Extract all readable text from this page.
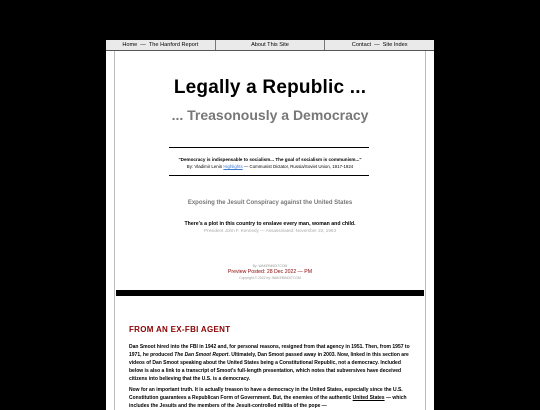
Home — The Hanford Report	About This Site	Contact — Site Index
Legally a Republic ...
... Treasonously a Democracy
"Democracy is indispensable to socialism... The goal of socialism is communism..."
By: Vladimir Lenin Highlights — Communist Dictator, Russia/Soviet Union, 1917-1924
Exposing the Jesuit Conspiracy against the United States
There's a plot in this country to enslave every man, woman and child.
President John F. Kennedy — Assassinated: November 22, 1963
By: WAKEBINDITCOM
Preview Posted: 28 Dec 2022 — PM
Copyright © 2022 by: WAKEBINDITCOM
FROM AN EX-FBI AGENT
Dan Smoot hired into the FBI in 1942 and, for personal reasons, resigned from that agency in 1951. Then, from 1957 to 1971, he produced The Dan Smoot Report. Ultimately, Dan Smoot passed away in 2003. Now, linked in this section are videos of Dan Smoot speaking about the United States being a Constitutional Republic, not a democracy. Included below is also a link to a transcript of Smoot's full-length presentation, which notes that subversives have deceived citizens into believing that the U.S. is a democracy.
Now for an important truth. It is actually treason to have a democracy in the United States, especially since the U.S. Constitution guarantees a Republican Form of Government. But, the enemies of the authentic United States — which includes the Jesuits and the members of the Jesuit-controlled militia of the pope —
